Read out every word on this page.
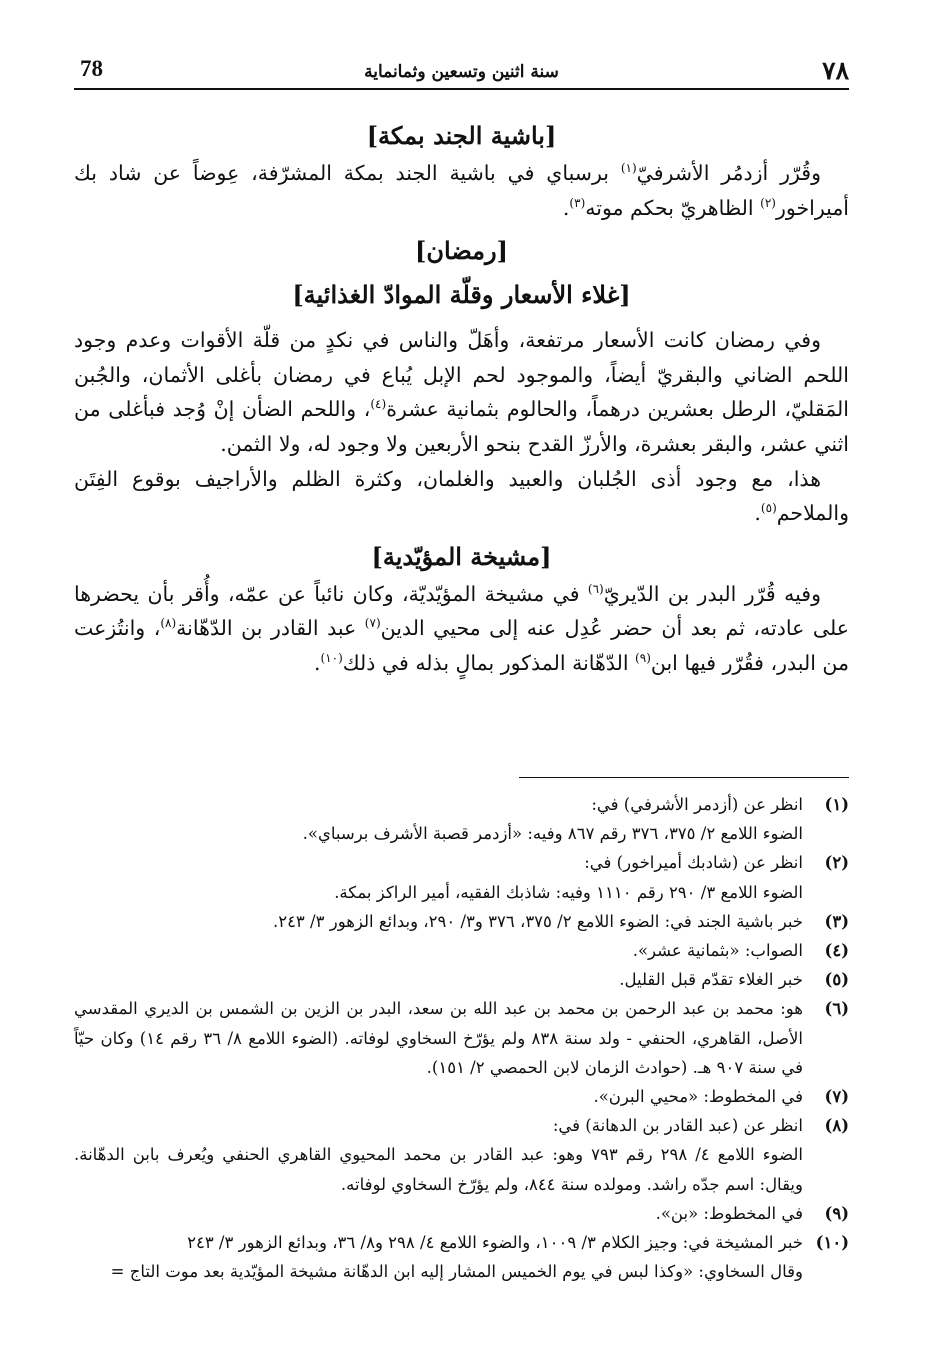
٧٨
سنة اثنين وتسعين وثمانماية
78

[باشية الجند بمكة]

وقُرّر أزدمُر الأشرفيّ$^{(١)}$ برسباي في باشية الجند بمكة المشرّفة، عِوضاً عن شاد بك أميراخور$^{(٢)}$ الظاهريّ بحكم موته$^{(٣)}$.

[رمضان]

[غلاء الأسعار وقلّة الموادّ الغذائية]

وفي رمضان كانت الأسعار مرتفعة، وأهَلّ والناس في نكدٍ من قلّة الأقوات وعدم وجود اللحم الضاني والبقريّ أيضاً، والموجود لحم الإبل يُباع في رمضان بأغلى الأثمان، والجُبن المَقليّ، الرطل بعشرين درهماً، والحالوم بثمانية عشرة$^{(٤)}$، واللحم الضأن إنْ وُجد فبأغلى من اثني عشر، والبقر بعشرة، والأرزّ القدح بنحو الأربعين ولا وجود له، ولا الثمن.

هذا، مع وجود أذى الجُلبان والعبيد والغلمان، وكثرة الظلم والأراجيف بوقوع الفِتَن والملاحم$^{(٥)}$.

[مشيخة المؤيّدية]

وفيه قُرّر البدر بن الدّيريّ$^{(٦)}$ في مشيخة المؤيّديّة، وكان نائباً عن عمّه، وأُقر بأن يحضرها على عادته، ثم بعد أن حضر عُدِل عنه إلى محيي الدين$^{(٧)}$ عبد القادر بن الدّهّانة$^{(٨)}$، وانتُزعت من البدر، فقُرّر فيها ابن$^{(٩)}$ الدّهّانة المذكور بمالٍ بذله في ذلك$^{(١٠)}$.

(١)
انظر عن (أزدمر الأشرفي) في:
الضوء اللامع ٢/ ٣٧٥، ٣٧٦ رقم ٨٦٧ وفيه: «أزدمر قصبة الأشرف برسباي».
(٢)
انظر عن (شادبك أميراخور) في:
الضوء اللامع ٣/ ٢٩٠ رقم ١١١٠ وفيه: شاذبك الفقيه، أمير الراكز بمكة.
(٣)
خبر باشية الجند في: الضوء اللامع ٢/ ٣٧٥، ٣٧٦ و٣/ ٢٩٠، وبدائع الزهور ٣/ ٢٤٣.
(٤)
الصواب: «بثمانية عشر».
(٥)
خبر الغلاء تقدّم قبل القليل.
(٦)
هو: محمد بن عبد الرحمن بن محمد بن عبد الله بن سعد، البدر بن الزين بن الشمس بن الديري المقدسي الأصل، القاهري، الحنفي - ولد سنة ٨٣٨ ولم يؤرّخ السخاوي لوفاته. (الضوء اللامع ٨/ ٣٦ رقم ١٤) وكان حيّاً في سنة ٩٠٧ هـ. (حوادث الزمان لابن الحمصي ٢/ ١٥١).
(٧)
في المخطوط: «محيي البرن».
(٨)
انظر عن (عبد القادر بن الدهانة) في:
الضوء اللامع ٤/ ٢٩٨ رقم ٧٩٣ وهو: عبد القادر بن محمد المحيوي القاهري الحنفي ويُعرف بابن الدهّانة. ويقال: اسم جدّه راشد. ومولده سنة ٨٤٤، ولم يؤرّخ السخاوي لوفاته.
(٩)
في المخطوط: «بن».
(١٠)
خبر المشيخة في: وجيز الكلام ٣/ ١٠٠٩، والضوء اللامع ٤/ ٢٩٨ و٨/ ٣٦، وبدائع الزهور ٣/ ٢٤٣
وقال السخاوي: «وكذا لبس في يوم الخميس المشار إليه ابن الدهّانة مشيخة المؤيّدية بعد موت التاج =
